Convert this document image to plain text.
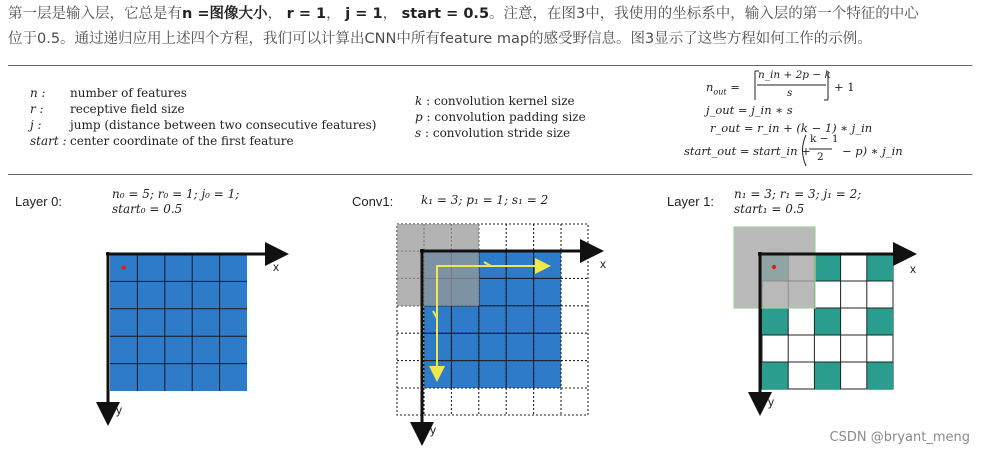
第一层是输入层，它总是有n =图像大小， r = 1， j = 1， start = 0.5。注意，在图3中，我使用的坐标系中，输入层的第一个特征的中心
位于0.5。通过递归应用上述四个方程，我们可以计算出CNN中所有feature map的感受野信息。图3显示了这些方程如何工作的示例。
n : number of features
r : receptive field size
j : jump (distance between two consecutive features)
start : center coordinate of the first feature
k : convolution kernel size
p : convolution padding size
s : convolution stride size
$n_{out}$ =
n_in + 2p − k
s	+ 1
j_out = j_in ∗ s
r_out = r_in + (k − 1) ∗ j_in
start_out = start_in +
k − 1
2 − p) ∗ j_in
Layer 0:	n₀ = 5; r₀ = 1; j₀ = 1;
start₀ = 0.5	Conv1: k₁ = 3; p₁ = 1; s₁ = 2	Layer 1: n₁ = 3; r₁ = 3; j₁ = 2;
start₁ = 0.5
x
y
x
y
x
y
CSDN @bryant_meng
